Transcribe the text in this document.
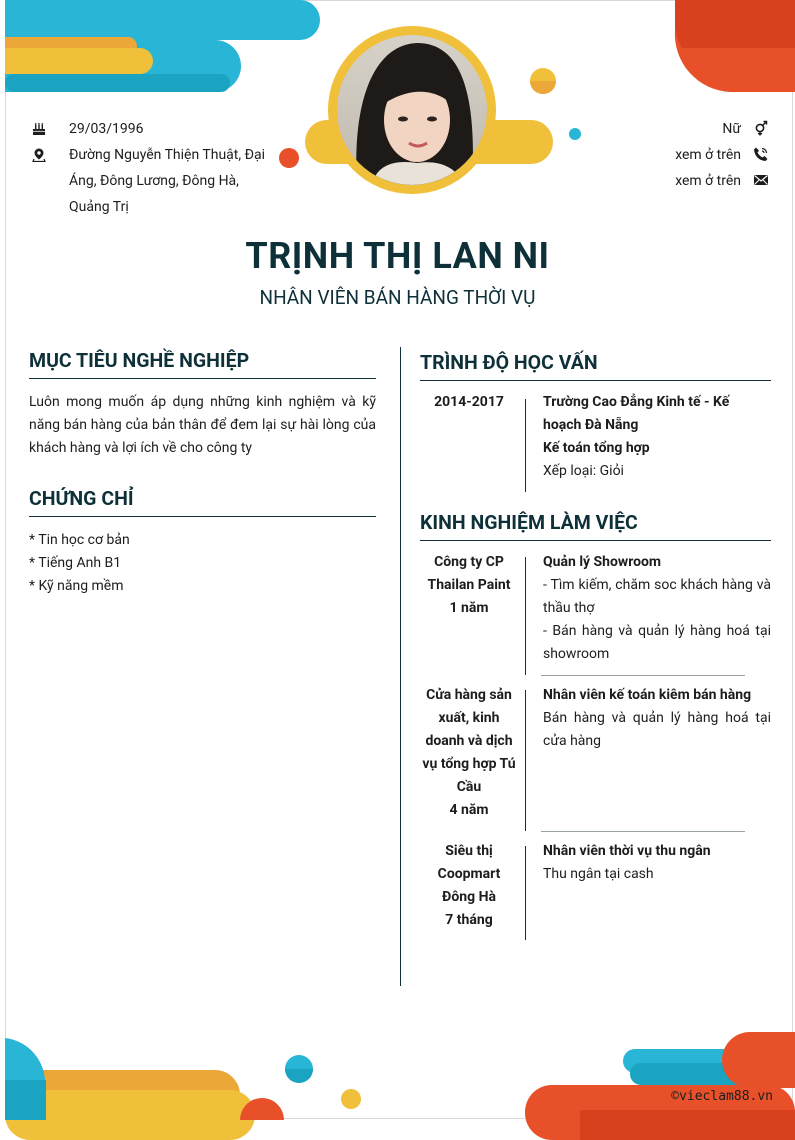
29/03/1996
Đường Nguyễn Thiện Thuật, Đại Áng, Đông Lương, Đông Hà, Quảng Trị
Nữ
xem ở trên
xem ở trên
TRỊNH THỊ LAN NI
NHÂN VIÊN BÁN HÀNG THỜI VỤ
MỤC TIÊU NGHỀ NGHIỆP
Luôn mong muốn áp dụng những kinh nghiệm và kỹ năng bán hàng của bản thân để đem lại sự hài lòng của khách hàng và lợi ích về cho công ty
CHỨNG CHỈ
* Tin học cơ bản
* Tiếng Anh B1
* Kỹ năng mềm
TRÌNH ĐỘ HỌC VẤN
2014-2017	Trường Cao Đẳng Kinh tế - Kế hoạch Đà Nẵng
Kế toán tổng hợp
Xếp loại: Giỏi
KINH NGHIỆM LÀM VIỆC
Công ty CP Thailan Paint
1 năm
Quản lý Showroom
- Tìm kiếm, chăm soc khách hàng và thầu thợ
- Bán hàng và quản lý hàng hoá tại showroom
Cửa hàng sản xuất, kinh doanh và dịch vụ tổng hợp Tú Cầu
4 năm
Nhân viên kế toán kiêm bán hàng
Bán hàng và quản lý hàng hoá tại cửa hàng
Siêu thị Coopmart Đông Hà
7 tháng
Nhân viên thời vụ thu ngân
Thu ngân tại cash
©vieclam88.vn
